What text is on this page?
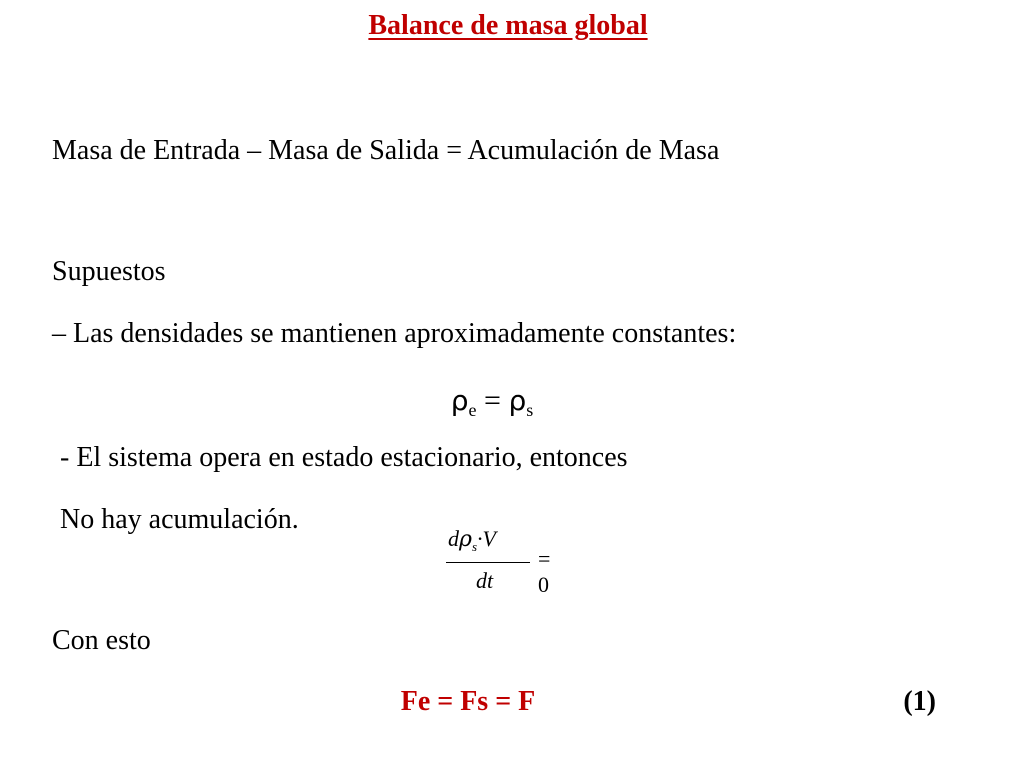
Balance de masa global
Masa de Entrada – Masa de Salida = Acumulación de Masa
Supuestos
– Las densidades se mantienen aproximadamente constantes:
$\rho_e = \rho_s$
- El sistema opera en estado estacionario, entonces
No hay acumulación.
$d\rho_s\cdot V$
dt
= 0
Con esto
Fe = Fs = F	(1)
